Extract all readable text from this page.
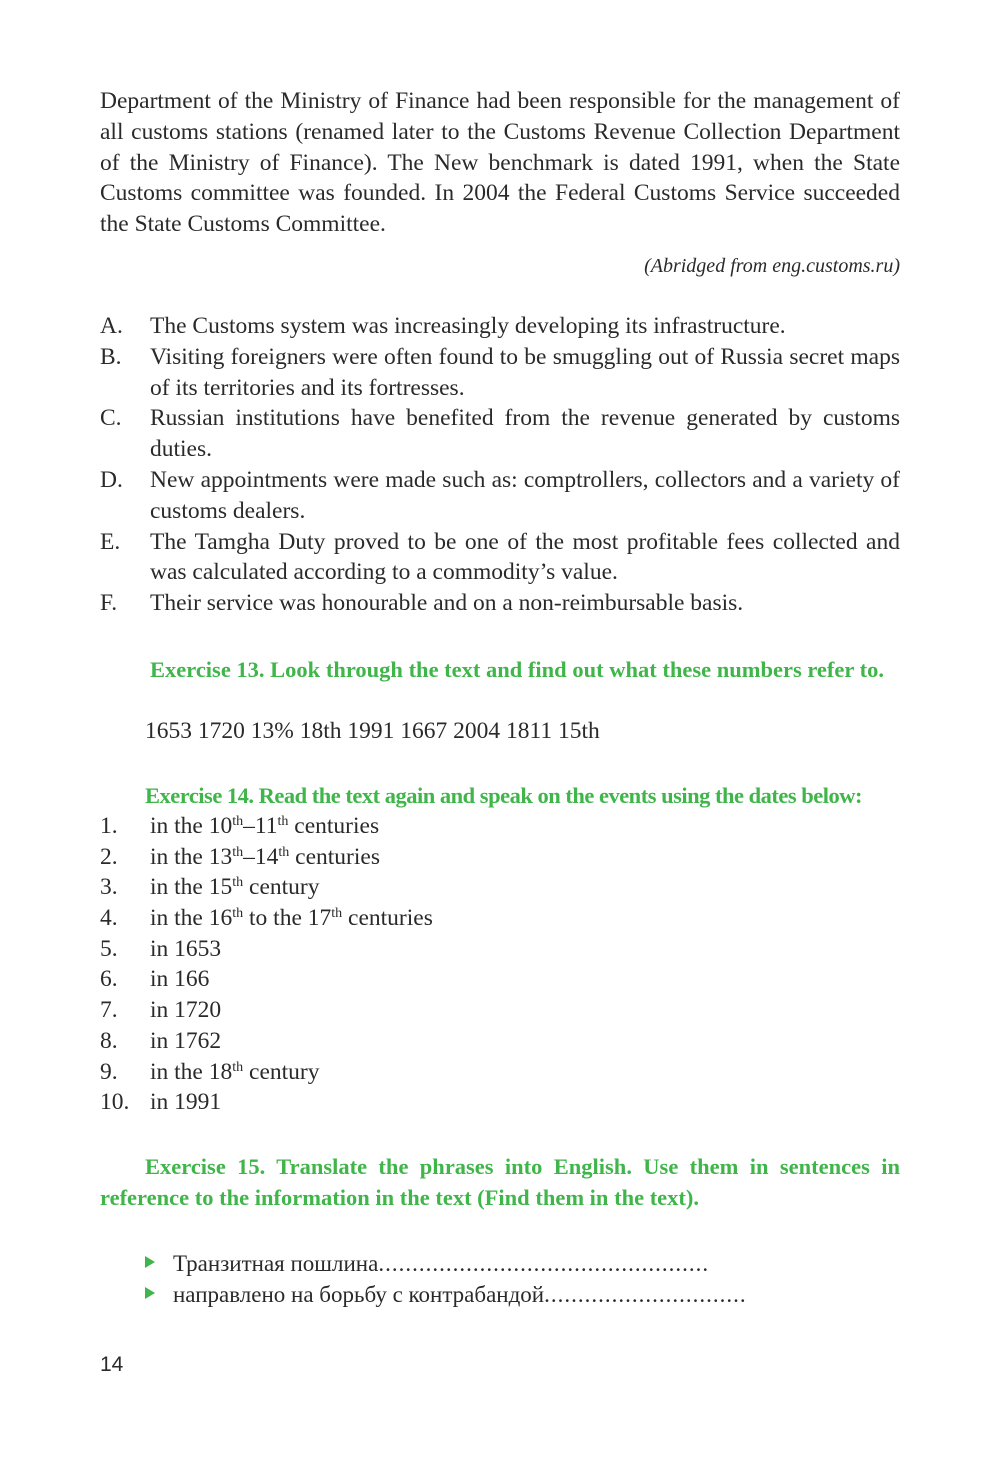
Department of the Ministry of Finance had been responsible for the management of all customs stations (renamed later to the Customs Revenue Collection Department of the Ministry of Finance). The New benchmark is dated 1991, when the State Customs committee was founded. In 2004 the Federal Customs Service succeeded the State Customs Committee.

(Abridged from eng.customs.ru)
A.	The Customs system was increasingly developing its infrastructure.
B.	Visiting foreigners were often found to be smuggling out of Russia secret maps of its territories and its fortresses.
C.	Russian institutions have benefited from the revenue generated by customs duties.
D.	New appointments were made such as: comptrollers, collectors and a variety of customs dealers.
E.	The Tamgha Duty proved to be one of the most profitable fees collected and was calculated according to a commodity’s value.
F.	Their service was honourable and on a non-reimbursable basis.
Exercise 13. Look through the text and find out what these numbers refer to.
1653 1720 13% 18th 1991 1667 2004 1811 15th
Exercise 14. Read the text again and speak on the events using the dates below:
1.	in the 10th–11th centuries
2.	in the 13th–14th centuries
3.	in the 15th century
4.	in the 16th to the 17th centuries
5.	in 1653
6.	in 166
7.	in 1720
8.	in 1762
9.	in the 18th century
10. in 1991
Exercise 15. Translate the phrases into English. Use them in sentences in reference to the information in the text (Find them in the text).
Транзитная пошлина .................................................
направлено на борьбу с контрабандой ..............................
14
